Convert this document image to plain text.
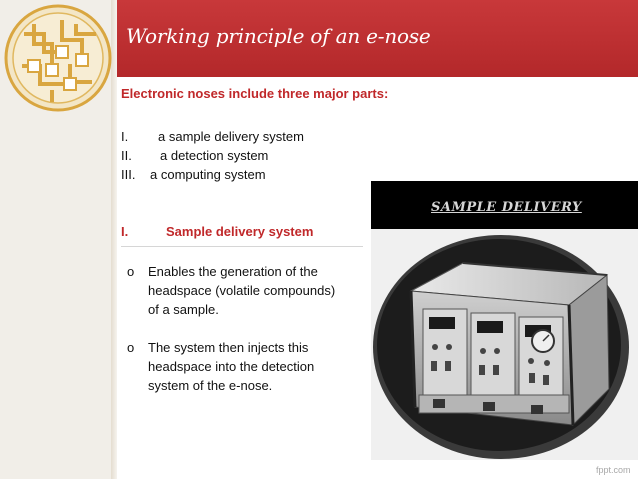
Working principle of an e-nose

Electronic noses include three major parts:

I. a sample delivery system
II. a detection system
III. a computing system
I.	Sample delivery system
o Enables the generation of the
headspace (volatile compounds)
of a sample.
o The system then injects this
headspace into the detection
system of the e-nose.
SAMPLE DELIVERY
fppt.com
